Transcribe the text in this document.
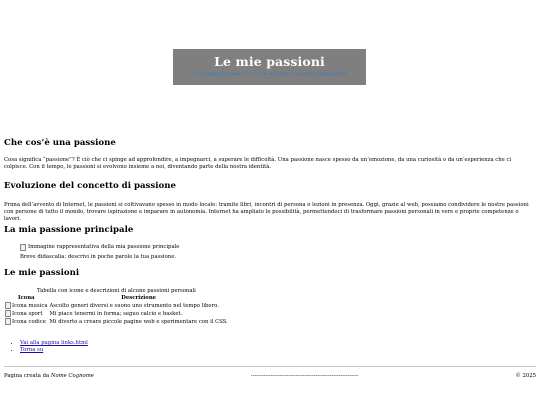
Le mie passioni

Un viaggio personale tra ciò che mi ispira e mi motiva ogni giorno

Che cos’è una passione

Cosa significa “passione”? È ciò che ci spinge ad approfondire, a impegnarci, a superare le difficoltà. Una passione nasce spesso da un’emozione, da una curiosità o da un’esperienza che ci colpisce. Con il tempo, le passioni si evolvono insieme a noi, diventando parte della nostra identità.

Evoluzione del concetto di passione

Prima dell’avvento di Internet, le passioni si coltivavano spesso in modo locale: tramite libri, incontri di persona o lezioni in presenza. Oggi, grazie al web, possiamo condividere le nostre passioni con persone di tutto il mondo, trovare ispirazione e imparare in autonomia. Internet ha ampliato le possibilità, permettendoci di trasformare passioni personali in vere e proprie competenze o lavori.

La mia passione principale
Immagine rappresentativa della mia passione principale
Breve didascalia: descrivi in poche parole la tua passione.
Le mie passioni
Tabella con icone e descrizioni di alcune passioni personali
Icona	Descrizione
Icona musica	Ascolto generi diversi e suono uno strumento nel tempo libero.
Icona sport	Mi piace tenermi in forma; seguo calcio e basket.
Icona codice	Mi diverto a creare piccole pagine web e sperimentare con il CSS.
• Vai alla pagina links.html
• Torna su
Pagina creata da Nome Cognome	------------------------------------------------------------	© 2025
